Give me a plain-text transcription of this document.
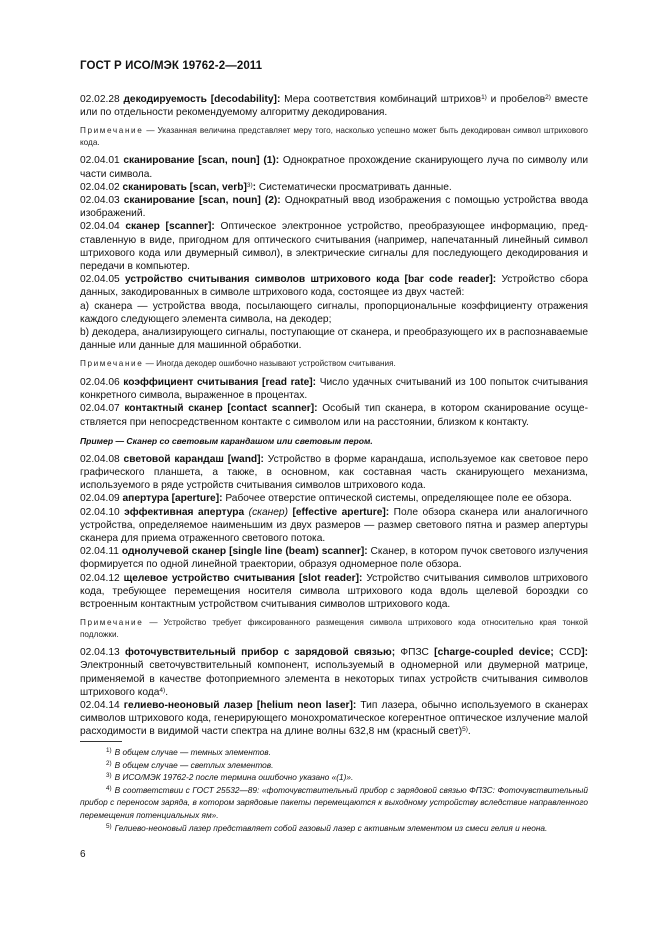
ГОСТ Р ИСО/МЭК 19762-2—2011

02.02.28 декодируемость [decodability]: Мера соответствия комбинаций штрихов$^{1)}$ и пробелов$^{2)}$ вместе или по отдельности рекомендуемому алгоритму декодирования.

Примечание — Указанная величина представляет меру того, насколько успешно может быть декодирован символ штрихового кода.

02.04.01 сканирование [scan, noun] (1): Однократное прохождение сканирующего луча по символу или части символа.

02.04.02 сканировать [scan, verb]$^{3)}$: Систематически просматривать данные.

02.04.03 сканирование [scan, noun] (2): Однократный ввод изображения с помощью устройства ввода изображений.

02.04.04 сканер [scanner]: Оптическое электронное устройство, преобразующее информацию, представленную в виде, пригодном для оптического считывания (например, напечатанный линейный символ штрихового кода или двумерный символ), в электрические сигналы для последующего декодирования и передачи в компьютер.

02.04.05 устройство считывания символов штрихового кода [bar code reader]: Устройство сбора данных, закодированных в символе штрихового кода, состоящее из двух частей:

а) сканера — устройства ввода, посылающего сигналы, пропорциональные коэффициенту отражения каждого следующего элемента символа, на декодер;

b) декодера, анализирующего сигналы, поступающие от сканера, и преобразующего их в распознаваемые данные или данные для машинной обработки.

Примечание — Иногда декодер ошибочно называют устройством считывания.

02.04.06 коэффициент считывания [read rate]: Число удачных считываний из 100 попыток считывания конкретного символа, выраженное в процентах.

02.04.07 контактный сканер [contact scanner]: Особый тип сканера, в котором сканирование осуществляется при непосредственном контакте с символом или на расстоянии, близком к контакту.

Пример — Сканер со световым карандашом или световым пером.

02.04.08 световой карандаш [wand]: Устройство в форме карандаша, используемое как световое перо графического планшета, а также, в основном, как составная часть сканирующего механизма, используемого в ряде устройств считывания символов штрихового кода.

02.04.09 апертура [aperture]: Рабочее отверстие оптической системы, определяющее поле ее обзора.

02.04.10 эффективная апертура (сканер) [effective aperture]: Поле обзора сканера или аналогичного устройства, определяемое наименьшим из двух размеров — размер светового пятна и размер апертуры сканера для приема отраженного светового потока.

02.04.11 однолучевой сканер [single line (beam) scanner]: Сканер, в котором пучок светового излучения формируется по одной линейной траектории, образуя одномерное поле обзора.

02.04.12 щелевое устройство считывания [slot reader]: Устройство считывания символов штрихового кода, требующее перемещения носителя символа штрихового кода вдоль щелевой бороздки со встроенным контактным устройством считывания символов штрихового кода.

Примечание — Устройство требует фиксированного размещения символа штрихового кода относительно края тонкой подложки.

02.04.13 фоточувствительный прибор с зарядовой связью; ФПЗС [charge-coupled device; CCD]: Электронный светочувствительный компонент, используемый в одномерной или двумерной матрице, применяемой в качестве фотоприемного элемента в некоторых типах устройств считывания символов штрихового кода$^{4)}$.

02.04.14 гелиево-неоновый лазер [helium neon laser]: Тип лазера, обычно используемого в сканерах символов штрихового кода, генерирующего монохроматическое когерентное оптическое излучение малой расходимости в видимой части спектра на длине волны 632,8 нм (красный свет)$^{5)}$.

$^{1)}$ В общем случае — темных элементов.

$^{2)}$ В общем случае — светлых элементов.

$^{3)}$ В ИСО/МЭК 19762-2 после термина ошибочно указано «(1)».

$^{4)}$ В соответствии с ГОСТ 25532—89: «фоточувствительный прибор с зарядовой связью ФПЗС: Фоточувствительный прибор с переносом заряда, в котором зарядовые пакеты перемещаются к выходному устройству вследствие направленного перемещения потенциальных ям».

$^{5)}$ Гелиево-неоновый лазер представляет собой газовый лазер с активным элементом из смеси гелия и неона.

6
